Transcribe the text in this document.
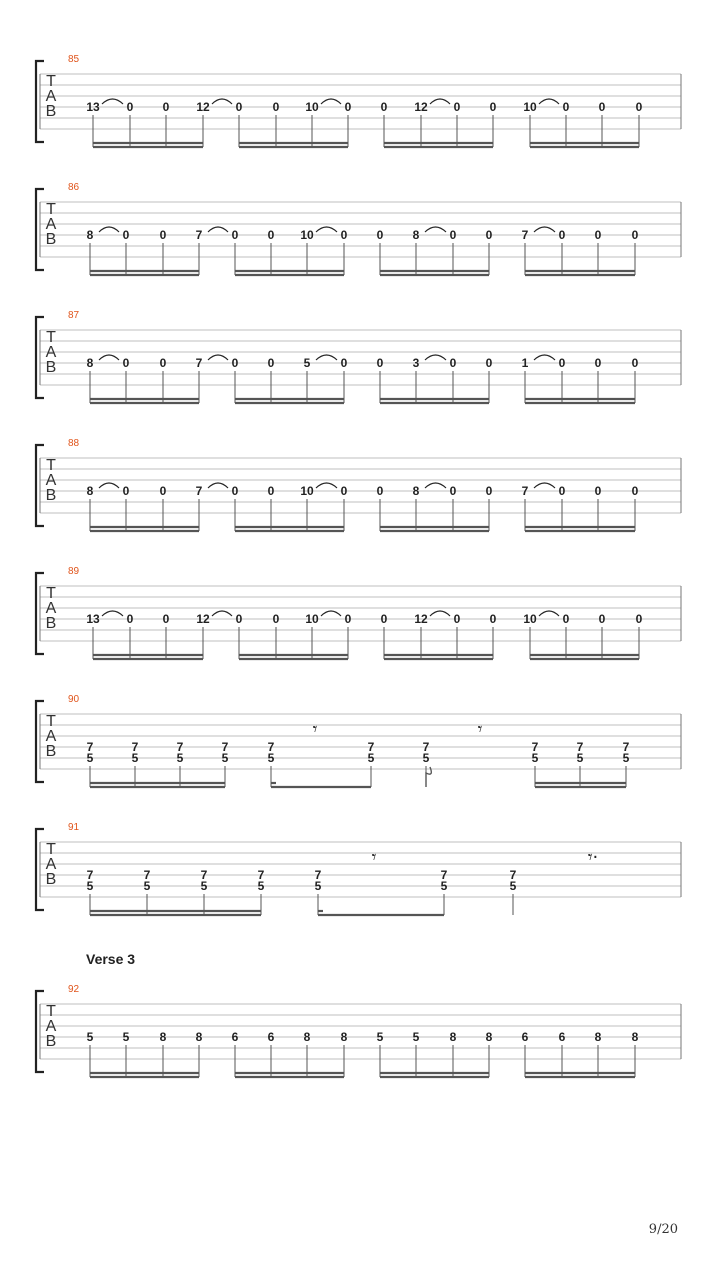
85
T
A
B 13 0 0 12 0	0 10 0 0 12 0 0 10 0 0	0
86
T
A
B	8 0	0 7 0 0 10 0 0 8	0 0 7	0 0	0
87
T
A
B	8 0	0 7 0 0 5	0 0 3	0 0 1	0 0	0
88
T
A
B	8 0	0 7 0 0 10 0 0 8	0 0 7	0 0	0
89
T
A
B 13 0 0 12 0	0 10 0 0 12 0 0 10 0 0	0
90
T
A
B	7
5
7
5
7
5
7
5
7
5
𝄾
7
5
7
5
𝄾
7
5
7
5
7
5
91
T
A
B	7
5
7
5
7
5
7
5
7
5
𝄾
7
5
7
5
𝄾·
92
Verse 3
T
A
B	5 5	8 8 6 6 8	8 5 5	8 8 6	6 8	8
9/20
